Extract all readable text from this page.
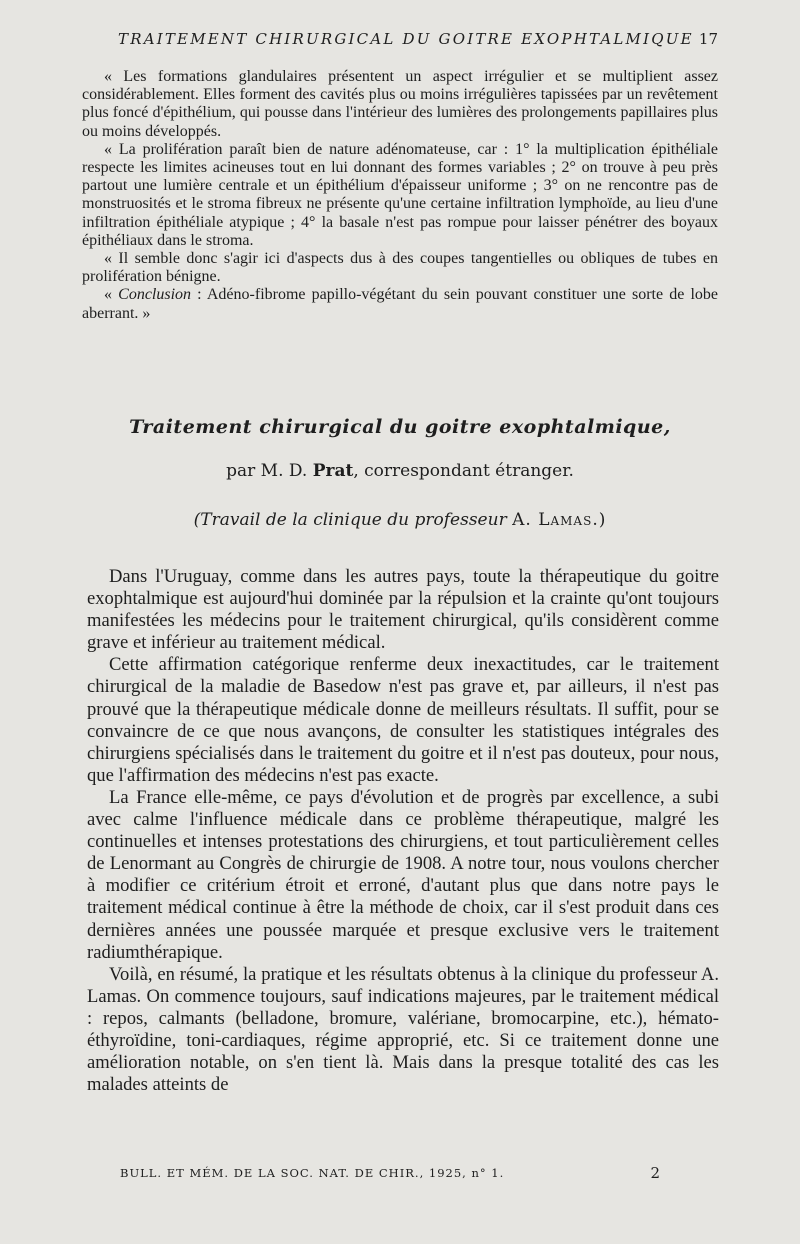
TRAITEMENT CHIRURGICAL DU GOITRE EXOPHTALMIQUE 17

« Les formations glandulaires présentent un aspect irrégulier et se multiplient assez considérablement. Elles forment des cavités plus ou moins irrégulières tapissées par un revêtement plus foncé d'épithélium, qui pousse dans l'intérieur des lumières des prolongements papillaires plus ou moins développés.

« La prolifération paraît bien de nature adénomateuse, car : 1° la multiplication épithéliale respecte les limites acineuses tout en lui donnant des formes variables ; 2° on trouve à peu près partout une lumière centrale et un épithélium d'épaisseur uniforme ; 3° on ne rencontre pas de monstruosités et le stroma fibreux ne présente qu'une certaine infiltration lymphoïde, au lieu d'une infiltration épithéliale atypique ; 4° la basale n'est pas rompue pour laisser pénétrer des boyaux épithéliaux dans le stroma.

« Il semble donc s'agir ici d'aspects dus à des coupes tangentielles ou obliques de tubes en prolifération bénigne.

« Conclusion : Adéno-fibrome papillo-végétant du sein pouvant constituer une sorte de lobe aberrant. »

Traitement chirurgical du goitre exophtalmique,
par M. D. Prat, correspondant étranger.
(Travail de la clinique du professeur A. Lamas.)

Dans l'Uruguay, comme dans les autres pays, toute la thérapeutique du goitre exophtalmique est aujourd'hui dominée par la répulsion et la crainte qu'ont toujours manifestées les médecins pour le traitement chirurgical, qu'ils considèrent comme grave et inférieur au traitement médical.

Cette affirmation catégorique renferme deux inexactitudes, car le traitement chirurgical de la maladie de Basedow n'est pas grave et, par ailleurs, il n'est pas prouvé que la thérapeutique médicale donne de meilleurs résultats. Il suffit, pour se convaincre de ce que nous avançons, de consulter les statistiques intégrales des chirurgiens spécialisés dans le traitement du goitre et il n'est pas douteux, pour nous, que l'affirmation des médecins n'est pas exacte.

La France elle-même, ce pays d'évolution et de progrès par excellence, a subi avec calme l'influence médicale dans ce problème thérapeutique, malgré les continuelles et intenses protestations des chirurgiens, et tout particulièrement celles de Lenormant au Congrès de chirurgie de 1908. A notre tour, nous voulons chercher à modifier ce critérium étroit et erroné, d'autant plus que dans notre pays le traitement médical continue à être la méthode de choix, car il s'est produit dans ces dernières années une poussée marquée et presque exclusive vers le traitement radiumthérapique.

Voilà, en résumé, la pratique et les résultats obtenus à la clinique du professeur A. Lamas. On commence toujours, sauf indications majeures, par le traitement médical : repos, calmants (belladone, bromure, valériane, bromocarpine, etc.), hémato-éthyroïdine, toni-cardiaques, régime approprié, etc. Si ce traitement donne une amélioration notable, on s'en tient là. Mais dans la presque totalité des cas les malades atteints de

BULL. ET MÉM. DE LA SOC. NAT. DE CHIR., 1925, n° 1.	2
